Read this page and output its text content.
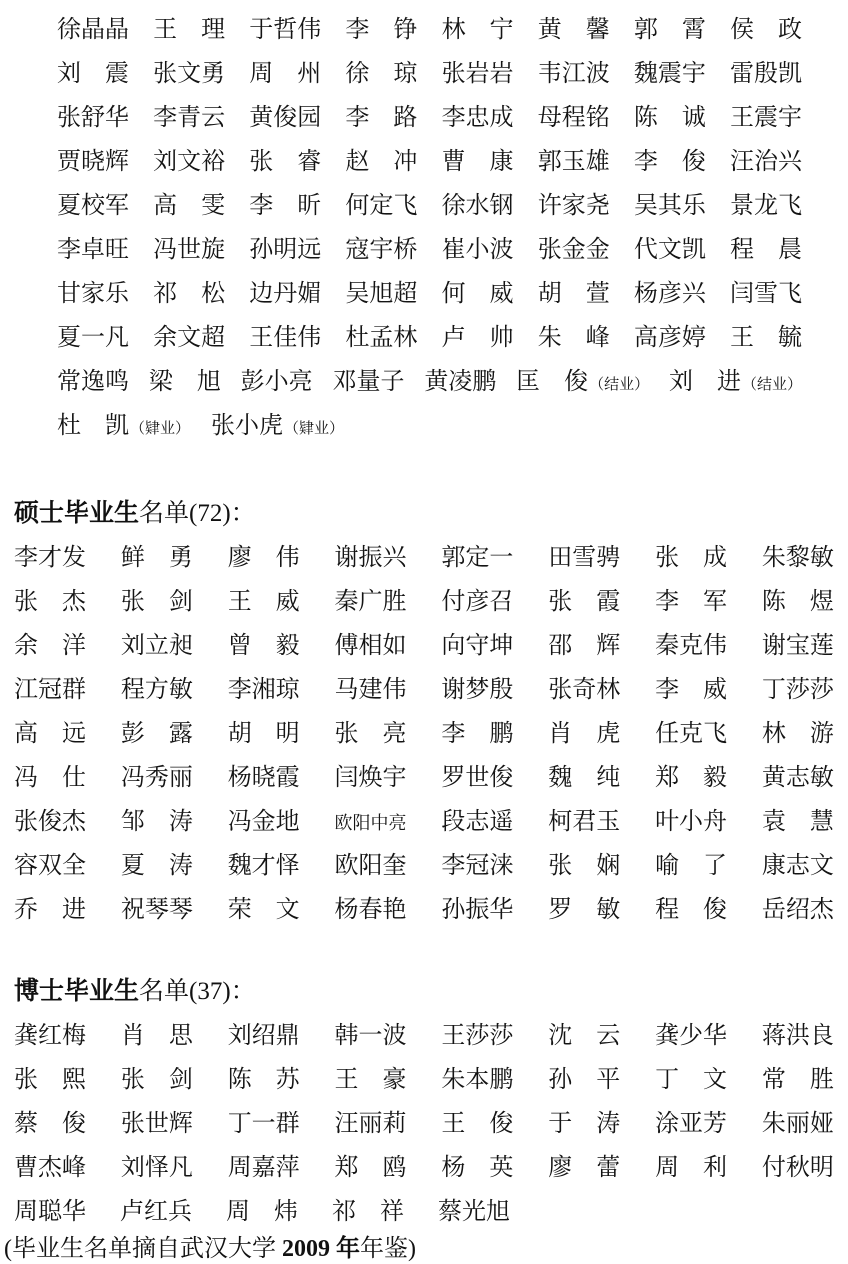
徐晶晶 王　理 于哲伟 李　铮 林　宁 黄　馨 郭　霄 侯　政
刘　震 张文勇 周　州 徐　琼 张岩岩 韦江波 魏震宇 雷殷凯
张舒华 李青云 黄俊园 李　路 李忠成 母程铭 陈　诚 王震宇
贾晓辉 刘文裕 张　睿 赵　冲 曹　康 郭玉雄 李　俊 汪治兴
夏校军 高　雯 李　昕 何定飞 徐水钢 许家尧 吴其乐 景龙飞
李卓旺 冯世旋 孙明远 寇宇桥 崔小波 张金金 代文凯 程　晨
甘家乐 祁　松 边丹媚 吴旭超 何　威 胡　萱 杨彦兴 闫雪飞
夏一凡 余文超 王佳伟 杜孟林 卢　帅 朱　峰 高彦婷 王　毓
常逸鸣 梁　旭 彭小亮 邓量子 黄凌鹏 匡　俊（结业） 刘　进（结业）
杜　凯（肄业） 张小虎（肄业）
硕士毕业生名单(72)：
李才发 鲜　勇 廖　伟 谢振兴 郭定一 田雪骋 张　成 朱黎敏
张　杰 张　剑 王　威 秦广胜 付彦召 张　霞 李　军 陈　煜
余　洋 刘立昶 曾　毅 傅相如 向守坤 邵　辉 秦克伟 谢宝莲
江冠群 程方敏 李湘琼 马建伟 谢梦殷 张奇林 李　威 丁莎莎
高　远 彭　露 胡　明 张　亮 李　鹏 肖　虎 任克飞 林　游
冯　仕 冯秀丽 杨晓霞 闫焕宇 罗世俊 魏　纯 郑　毅 黄志敏
张俊杰 邹　涛 冯金地 欧阳中亮 段志遥 柯君玉 叶小舟 袁　慧
容双全 夏　涛 魏才怿 欧阳奎 李冠涞 张　娴 喻　了 康志文
乔　进 祝琴琴 荣　文 杨春艳 孙振华 罗　敏 程　俊 岳绍杰
博士毕业生名单(37)：
龚红梅 肖　思 刘绍鼎 韩一波 王莎莎 沈　云 龚少华 蒋洪良
张　熙 张　剑 陈　苏 王　豪 朱本鹏 孙　平 丁　文 常　胜
蔡　俊 张世辉 丁一群 汪丽莉 王　俊 于　涛 涂亚芳 朱丽娅
曹杰峰 刘怿凡 周嘉萍 郑　鸥 杨　英 廖　蕾 周　利 付秋明
周聪华 卢红兵 周　炜 祁　祥 蔡光旭

(毕业生名单摘自武汉大学 2009 年年鉴)
